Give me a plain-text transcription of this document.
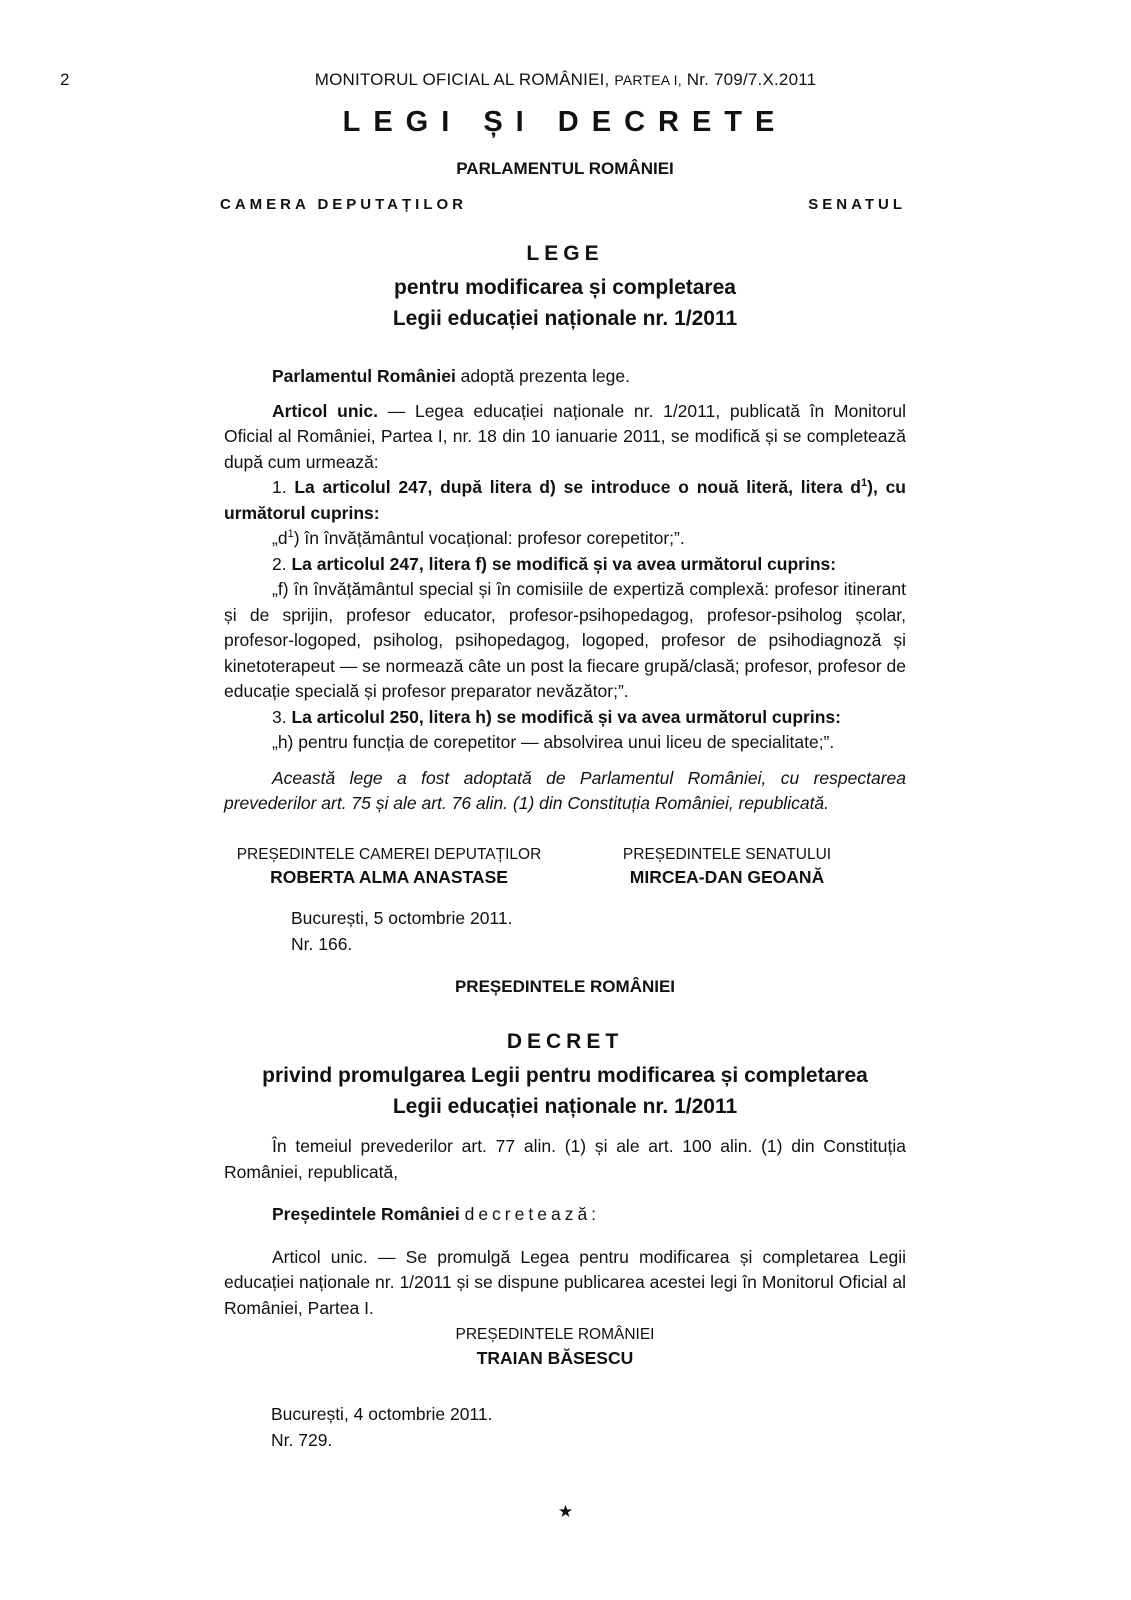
2	MONITORUL OFICIAL AL ROMÂNIEI, PARTEA I, Nr. 709/7.X.2011
LEGI ȘI DECRETE
PARLAMENTUL ROMÂNIEI
CAMERA DEPUTAȚILOR	SENATUL
LEGE
pentru modificarea și completarea
Legii educației naționale nr. 1/2011

Parlamentul României adoptă prezenta lege.

Articol unic. — Legea educației naționale nr. 1/2011, publicată în Monitorul Oficial al României, Partea I, nr. 18 din 10 ianuarie 2011, se modifică și se completează după cum urmează:

1. La articolul 247, după litera d) se introduce o nouă literă, litera $d^1$), cu următorul cuprins:

$„d^1$) în învățământul vocațional: profesor corepetitor;”.

2. La articolul 247, litera f) se modifică și va avea următorul cuprins:

„f) în învățământul special și în comisiile de expertiză complexă: profesor itinerant și de sprijin, profesor educator, profesor-psihopedagog, profesor-psiholog școlar, profesor-logoped, psiholog, psihopedagog, logoped, profesor de psihodiagnoză și kinetoterapeut — se normează câte un post la fiecare grupă/clasă; profesor, profesor de educație specială și profesor preparator nevăzător;”.

3. La articolul 250, litera h) se modifică și va avea următorul cuprins:

„h) pentru funcția de corepetitor — absolvirea unui liceu de specialitate;”.

Această lege a fost adoptată de Parlamentul României, cu respectarea prevederilor art. 75 și ale art. 76 alin. (1) din Constituția României, republicată.

PREȘEDINTELE CAMEREI DEPUTAȚILOR
ROBERTA ALMA ANASTASE
PREȘEDINTELE SENATULUI
MIRCEA-DAN GEOANĂ

București, 5 octombrie 2011.

Nr. 166.

PREȘEDINTELE ROMÂNIEI
DECRET
privind promulgarea Legii pentru modificarea și completarea
Legii educației naționale nr. 1/2011

În temeiul prevederilor art. 77 alin. (1) și ale art. 100 alin. (1) din Constituția României, republicată,

Președintele României decretează:

Articol unic. — Se promulgă Legea pentru modificarea și completarea Legii educației naționale nr. 1/2011 și se dispune publicarea acestei legi în Monitorul Oficial al României, Partea I.

PREȘEDINTELE ROMÂNIEI
TRAIAN BĂSESCU

București, 4 octombrie 2011.

Nr. 729.

★
